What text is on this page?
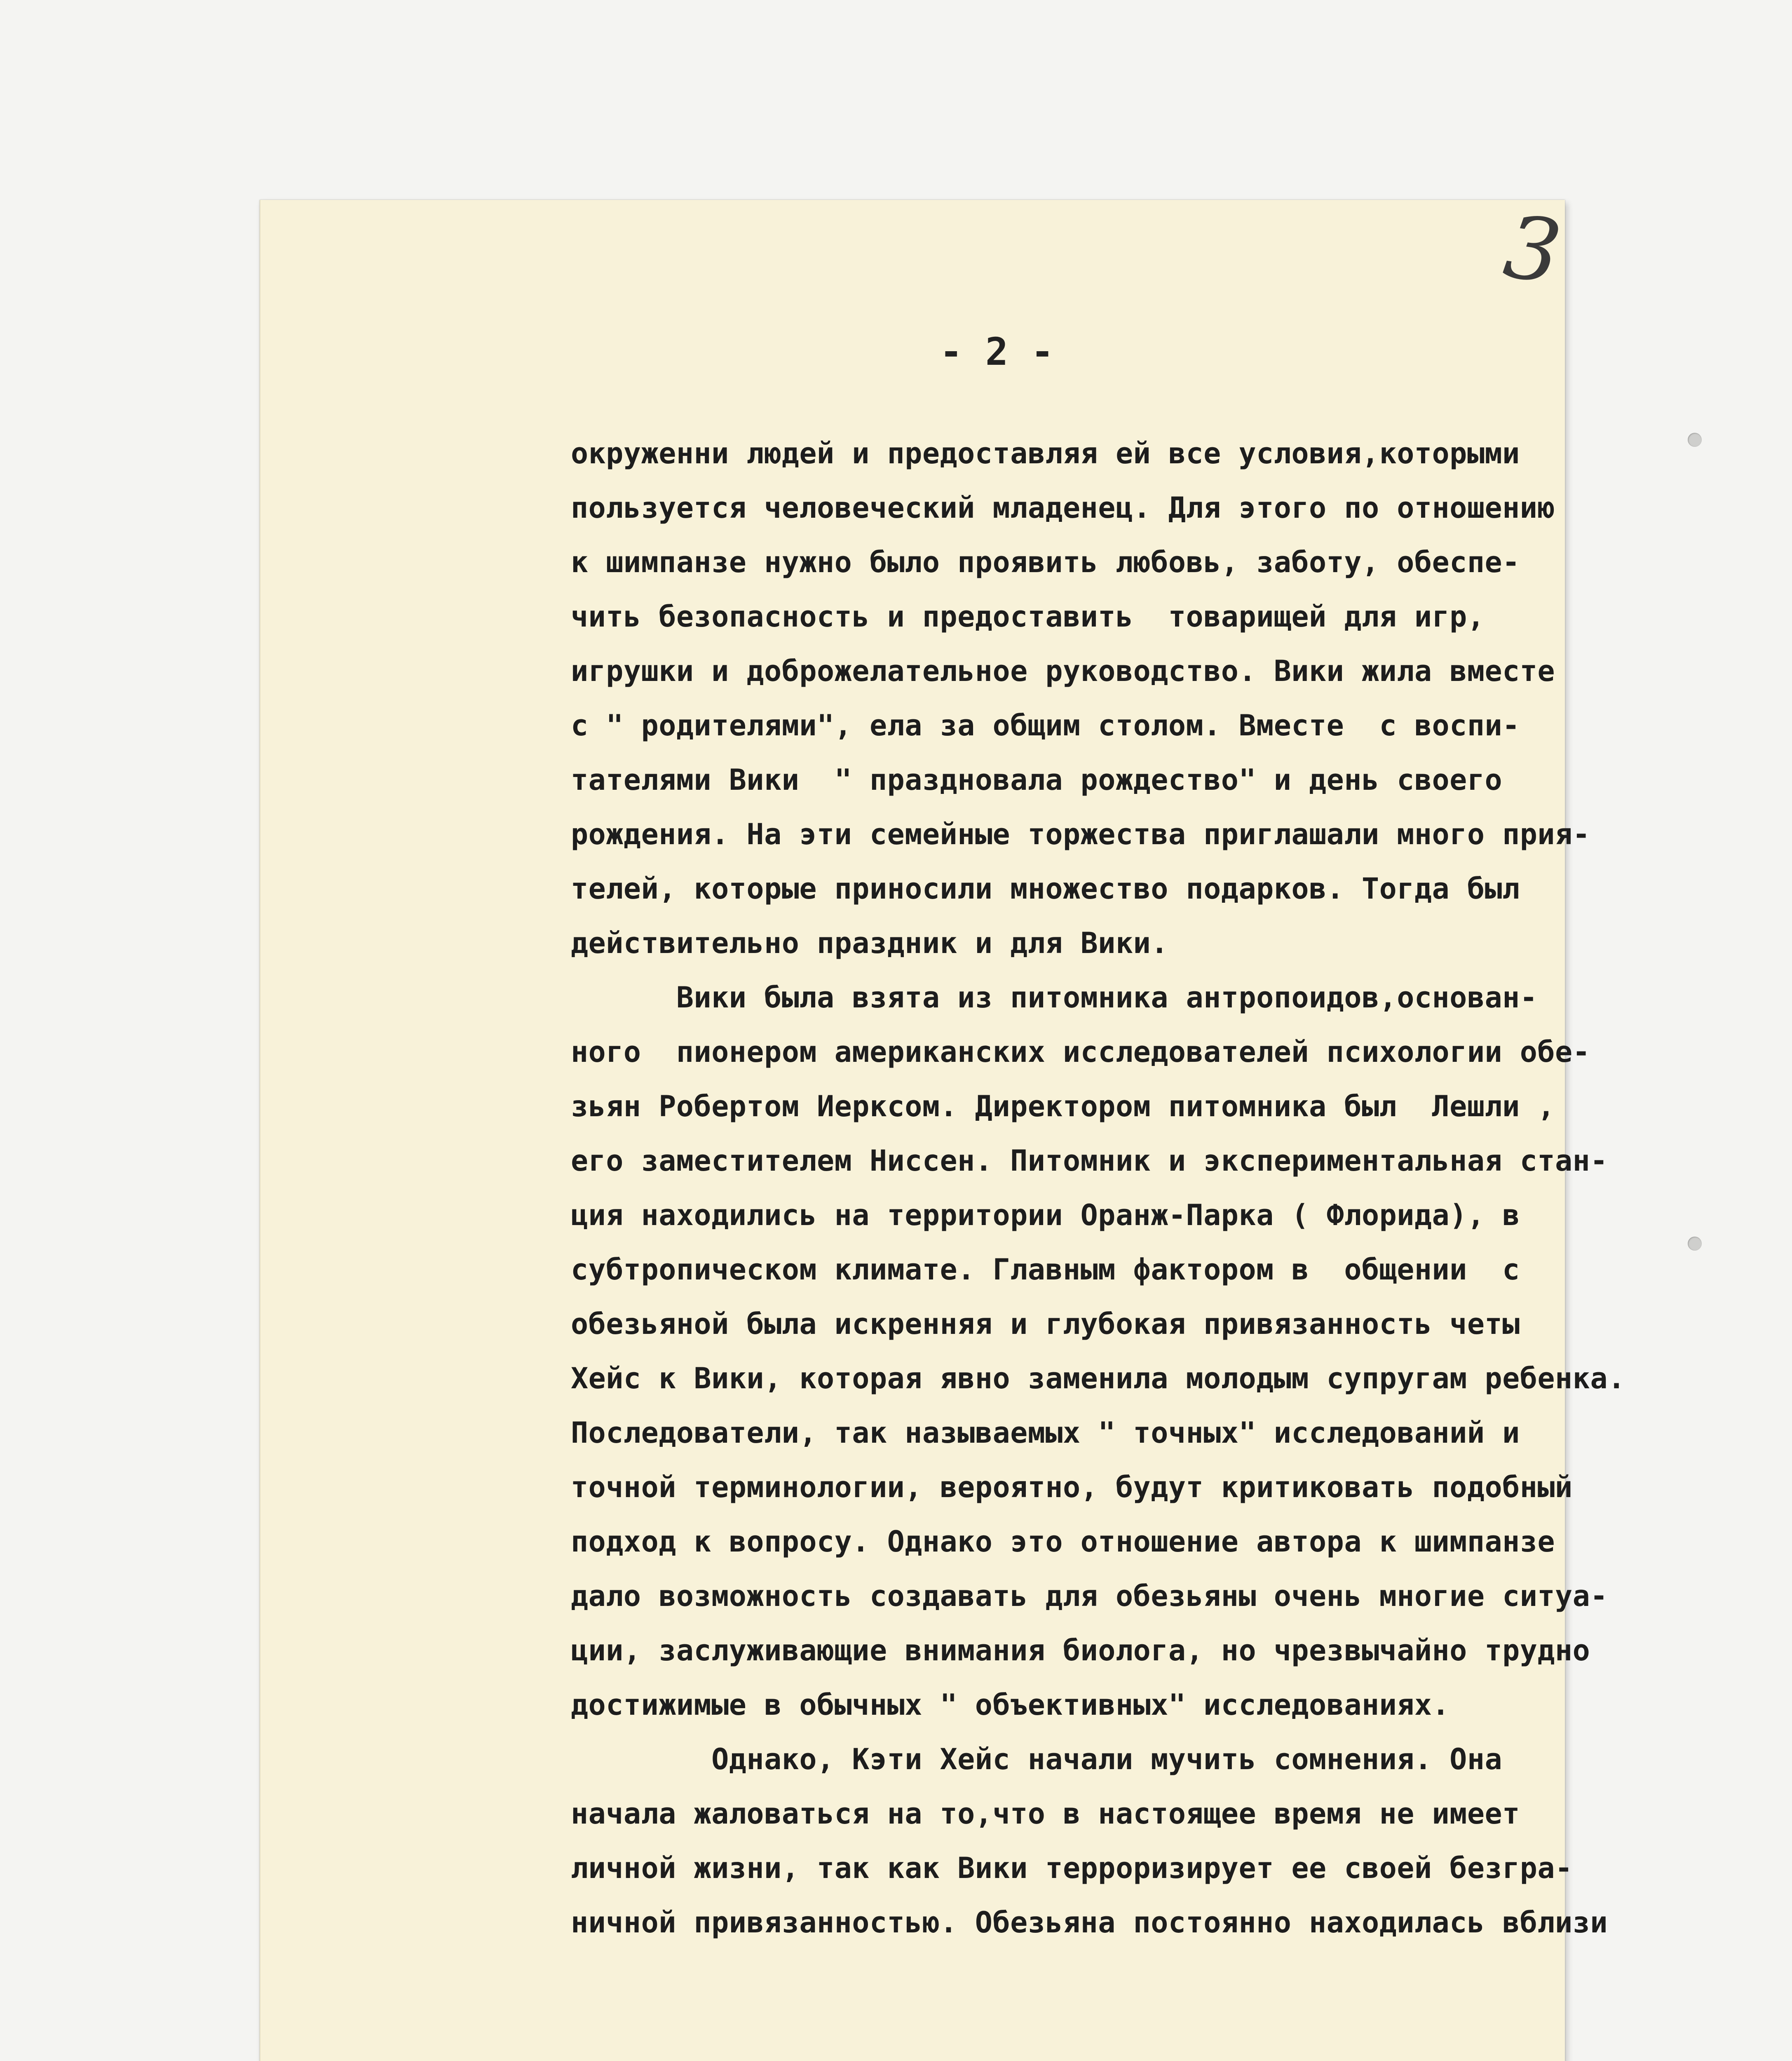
3
- 2 -
окруженни людей и предоставляя ей все условия,которыми
пользуется человеческий младенец. Для этого по отношению
к шимпанзе нужно было проявить любовь, заботу, обеспе-
чить безопасность и предоставить  товарищей для игр,
игрушки и доброжелательное руководство. Вики жила вместе
с " родителями", ела за общим столом. Вместе  с воспи-
тателями Вики  " праздновала рождество" и день своего
рождения. На эти семейные торжества приглашали много прия-
телей, которые приносили множество подарков. Тогда был
действительно праздник и для Вики.
Вики была взята из питомника антропоидов,основан-
ного  пионером американских исследователей психологии обе-
зьян Робертом Иерксом. Директором питомника был  Лешли ,
его заместителем Ниссен. Питомник и экспериментальная стан-
ция находились на территории Оранж-Парка ( Флорида), в
субтропическом климате. Главным фактором в  общении  с
обезьяной была искренняя и глубокая привязанность четы
Хейс к Вики, которая явно заменила молодым супругам ребенка.
Последователи, так называемых " точных" исследований и
точной терминологии, вероятно, будут критиковать подобный
подход к вопросу. Однако это отношение автора к шимпанзе
дало возможность создавать для обезьяны очень многие ситуа-
ции, заслуживающие внимания биолога, но чрезвычайно трудно
достижимые в обычных " объективных" исследованиях.
Однако, Кэти Хейс начали мучить сомнения. Она
начала жаловаться на то,что в настоящее время не имеет
личной жизни, так как Вики терроризирует ее своей безгра-
ничной привязанностью. Обезьяна постоянно находилась вблизи
